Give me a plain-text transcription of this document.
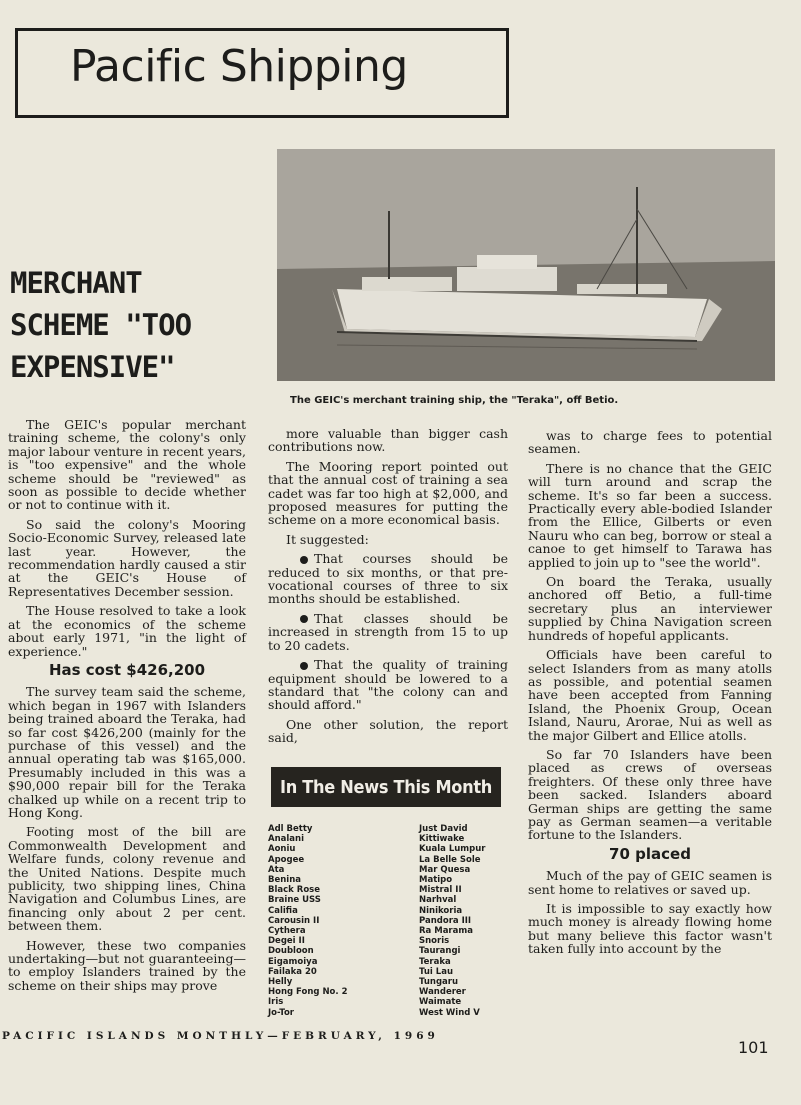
Pacific Shipping
The GEIC's merchant training ship, the "Teraka", off Betio.
MERCHANT
SCHEME "TOO
EXPENSIVE"

The GEIC's popular merchant training scheme, the colony's only major labour venture in recent years, is "too expensive" and the whole scheme should be "reviewed" as soon as possible to decide whether or not to continue with it.

So said the colony's Mooring Socio-Economic Survey, released late last year. However, the recommendation hardly caused a stir at the GEIC's House of Representatives December session.

The House resolved to take a look at the economics of the scheme about early 1971, "in the light of experience."

Has cost $426,200

The survey team said the scheme, which began in 1967 with Islanders being trained aboard the Teraka, had so far cost $426,200 (mainly for the purchase of this vessel) and the annual operating tab was $165,000. Presumably included in this was a $90,000 repair bill for the Teraka chalked up while on a recent trip to Hong Kong.

Footing most of the bill are Commonwealth Development and Welfare funds, colony revenue and the United Nations. Despite much publicity, two shipping lines, China Navigation and Columbus Lines, are financing only about 2 per cent. between them.

However, these two companies undertaking—but not guaranteeing—to employ Islanders trained by the scheme on their ships may prove

more valuable than bigger cash contributions now.

The Mooring report pointed out that the annual cost of training a sea cadet was far too high at $2,000, and proposed measures for putting the scheme on a more economical basis.

It suggested:

That courses should be reduced to six months, or that pre-vocational courses of three to six months should be established.

That classes should be increased in strength from 15 to up to 20 cadets.

That the quality of training equipment should be lowered to a standard that "the colony can and should afford."

One other solution, the report said,

In The News This Month
Adl Betty
Analani
Aoniu
Apogee
Ata
Benina
Black Rose
Braine USS
Califia
Carousin II
Cythera
Degei II
Doubloon
Eigamoiya
Failaka 20
Helly
Hong Fong No. 2
Iris
Jo-Tor
Just David
Kittiwake
Kuala Lumpur
La Belle Sole
Mar Quesa
Matipo
Mistral II
Narhval
Ninikoria
Pandora III
Ra Marama
Snoris
Taurangi
Teraka
Tui Lau
Tungaru
Wanderer
Waimate
West Wind V

was to charge fees to potential seamen.

There is no chance that the GEIC will turn around and scrap the scheme. It's so far been a success. Practically every able-bodied Islander from the Ellice, Gilberts or even Nauru who can beg, borrow or steal a canoe to get himself to Tarawa has applied to join up to "see the world".

On board the Teraka, usually anchored off Betio, a full-time secretary plus an interviewer supplied by China Navigation screen hundreds of hopeful applicants.

Officials have been careful to select Islanders from as many atolls as possible, and potential seamen have been accepted from Fanning Island, the Phoenix Group, Ocean Island, Nauru, Arorae, Nui as well as the major Gilbert and Ellice atolls.

So far 70 Islanders have been placed as crews of overseas freighters. Of these only three have been sacked. Islanders aboard German ships are getting the same pay as German seamen—a veritable fortune to the Islanders.

70 placed

Much of the pay of GEIC seamen is sent home to relatives or saved up.

It is impossible to say exactly how much money is already flowing home but many believe this factor wasn't taken fully into account by the

PACIFIC ISLANDS MONTHLY—FEBRUARY, 1969
101
